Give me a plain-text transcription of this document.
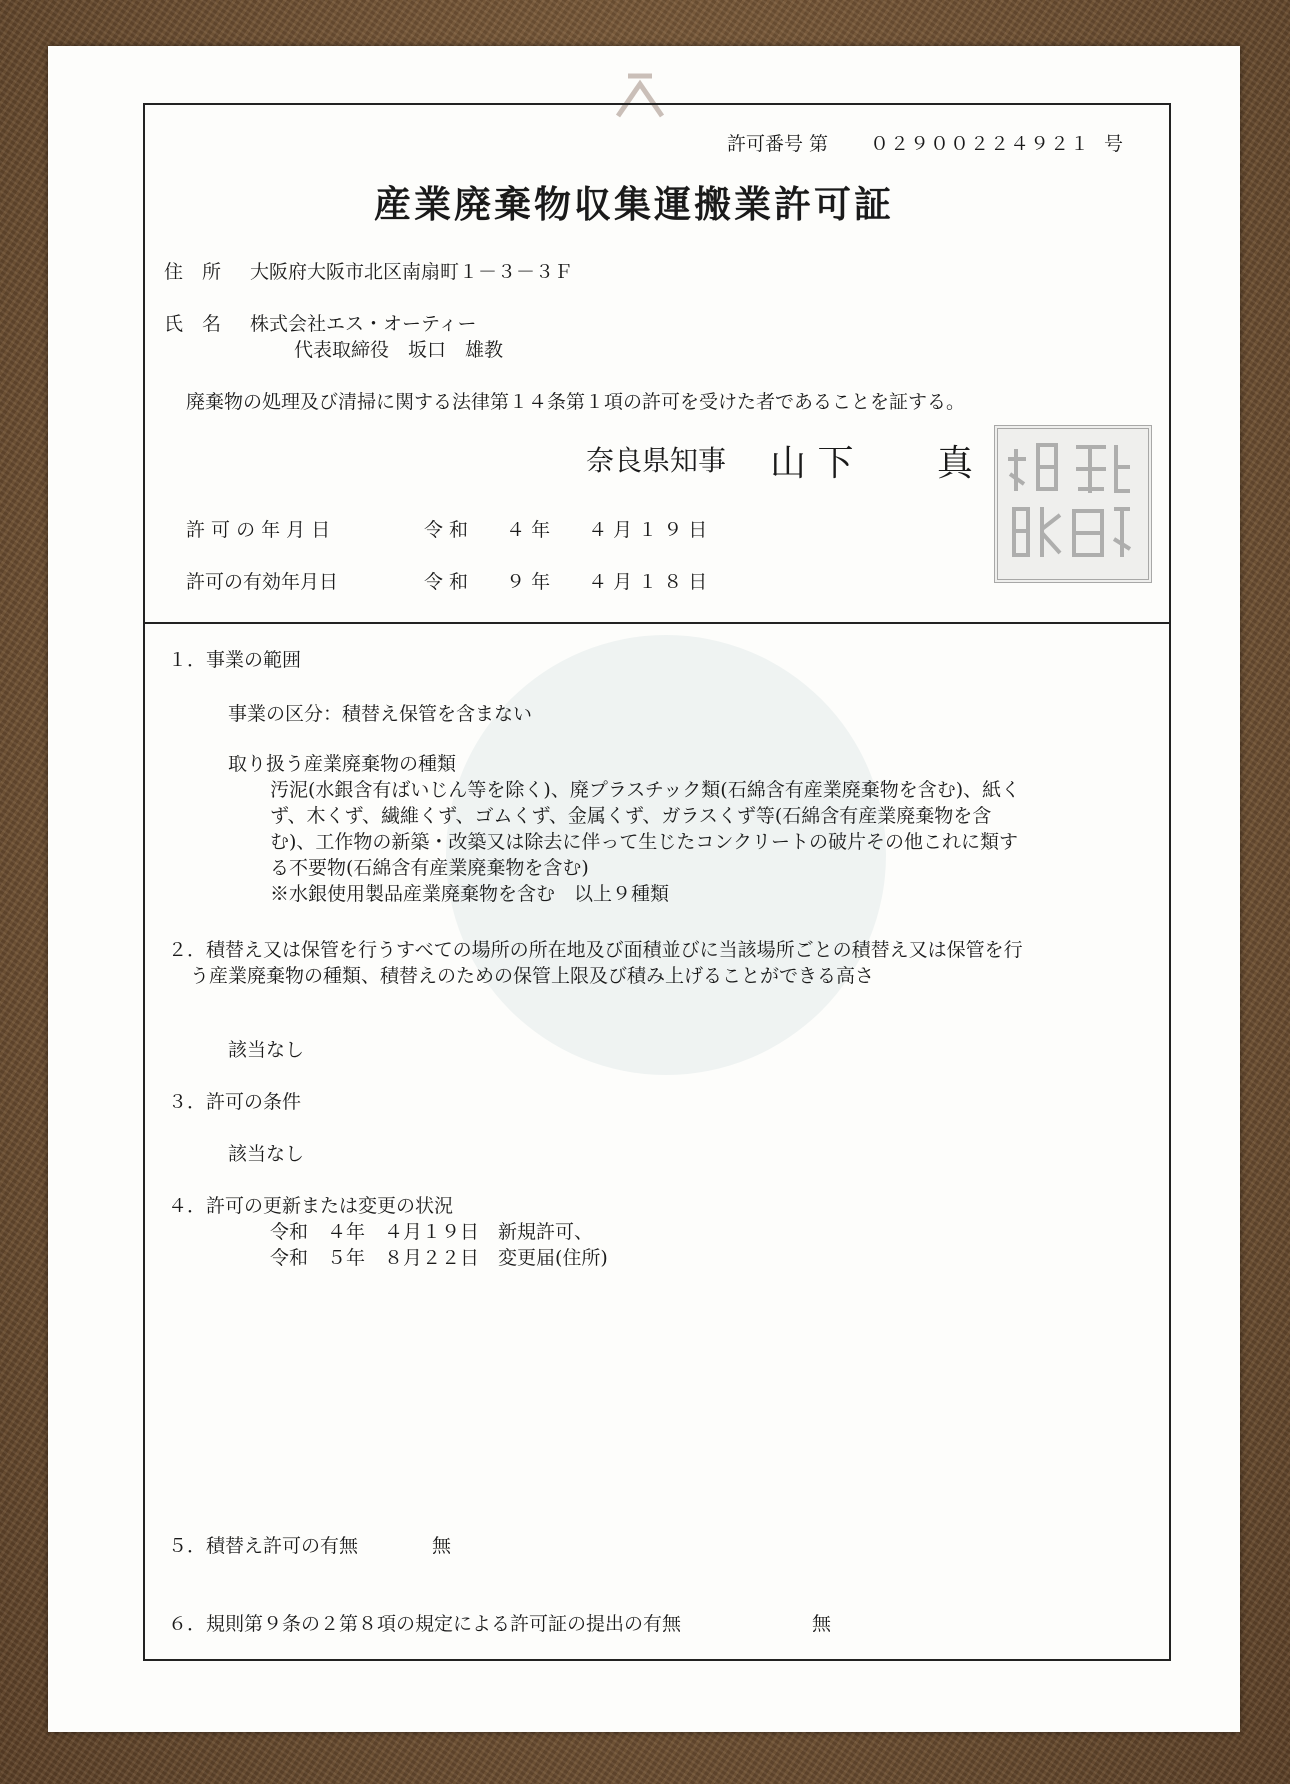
許可番号 第 ０２９００２２４９２１ 号
産業廃棄物収集運搬業許可証
住　所 大阪府大阪市北区南扇町１－３－３Ｆ
氏　名 株式会社エス・オーティー
代表取締役　坂口　雄教
廃棄物の処理及び清掃に関する法律第１４条第１項の許可を受けた者であることを証する。
奈良県知事 山 下 　　真
許 可 の 年 月 日	令 和　　４ 年　　４ 月 １ ９ 日
許可の有効年月日	令 和　　９ 年　　４ 月 １ ８ 日
１．事業の範囲
事業の区分：積替え保管を含まない
取り扱う産業廃棄物の種類
汚泥(水銀含有ばいじん等を除く)、廃プラスチック類(石綿含有産業廃棄物を含む)、紙く
ず、木くず、繊維くず、ゴムくず、金属くず、ガラスくず等(石綿含有産業廃棄物を含
む)、工作物の新築・改築又は除去に伴って生じたコンクリートの破片その他これに類す
る不要物(石綿含有産業廃棄物を含む)
※水銀使用製品産業廃棄物を含む　以上９種類
２．積替え又は保管を行うすべての場所の所在地及び面積並びに当該場所ごとの積替え又は保管を行
う産業廃棄物の種類、積替えのための保管上限及び積み上げることができる高さ
該当なし
３．許可の条件
該当なし
４．許可の更新または変更の状況
令和　４年　４月１９日　新規許可、
令和　５年　８月２２日　変更届(住所)
５．積替え許可の有無	無
６．規則第９条の２第８項の規定による許可証の提出の有無	無
